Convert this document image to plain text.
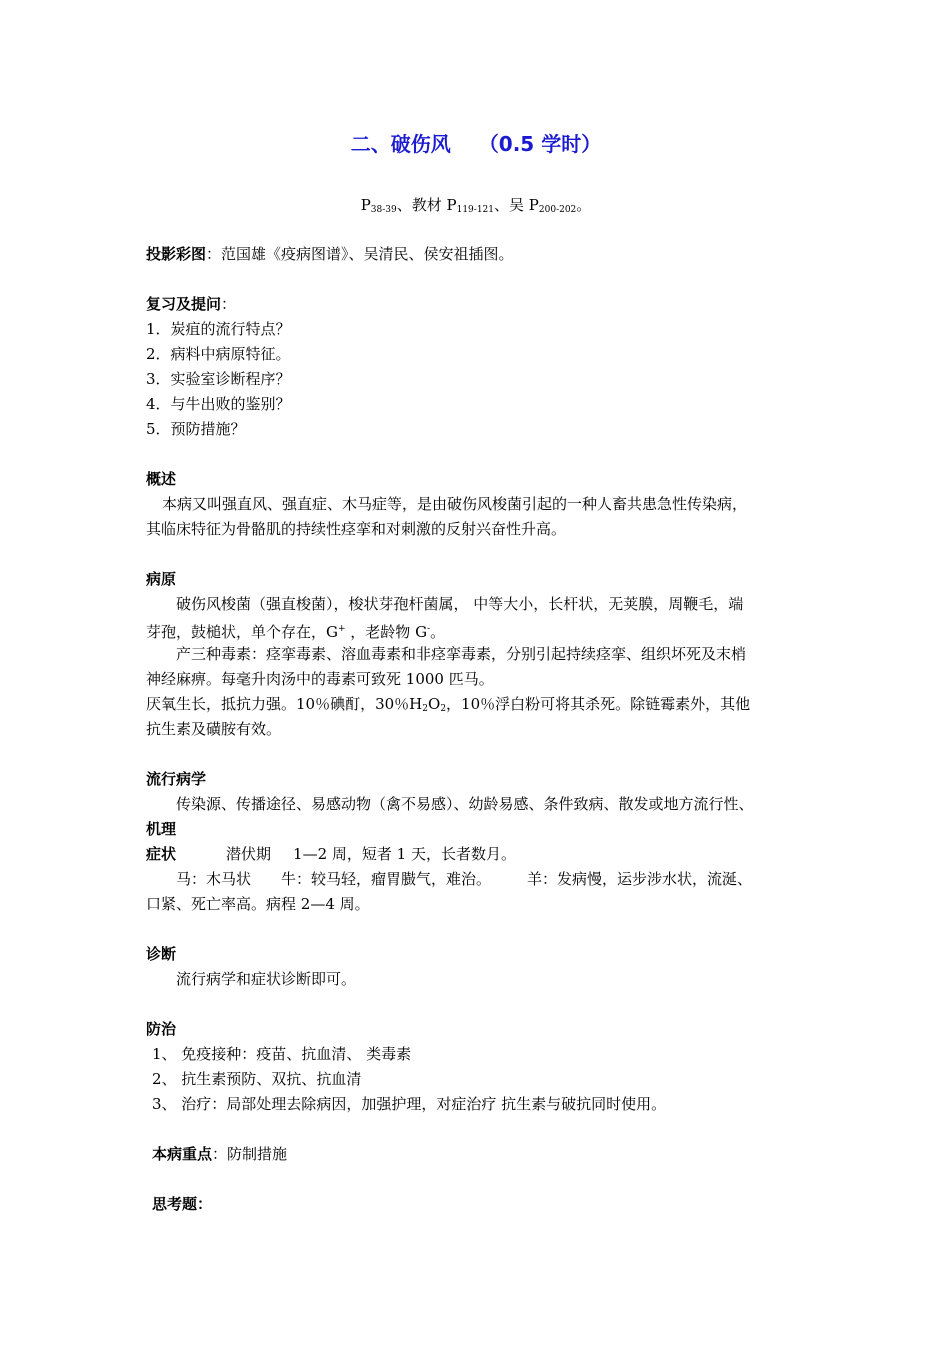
二、破伤风 （0.5 学时）
$P_{38-39}$、教材 $P_{119-121}$、吴 $P_{200-202}$。
投影彩图：范国雄《疫病图谱》、吴清民、侯安祖插图。
复习及提问：
1．炭疽的流行特点？
2．病料中病原特征。
3．实验室诊断程序？
4．与牛出败的鉴别？
5．预防措施？
概述
本病又叫强直风、强直症、木马症等，是由破伤风梭菌引起的一种人畜共患急性传染病，
其临床特征为骨骼肌的持续性痉挛和对刺激的反射兴奋性升高。
病原
破伤风梭菌（强直梭菌），梭状芽孢杆菌属， 中等大小，长杆状，无荚膜，周鞭毛，端
芽孢，鼓槌状，单个存在，G+ ，老龄物 G-。
产三种毒素：痉挛毒素、溶血毒素和非痉挛毒素，分别引起持续痉挛、组织坏死及末梢
神经麻痹。每毫升肉汤中的毒素可致死 1000 匹马。
厌氧生长，抵抗力强。10％碘酊，30％$H_2O_2$，10％浮白粉可将其杀死。除链霉素外，其他
抗生素及磺胺有效。
流行病学
传染源、传播途径、易感动物（禽不易感）、幼龄易感、条件致病、散发或地方流行性、
机理
症状	潜伏期 1—2 周，短者 1 天，长者数月。
马：木马状 牛：较马轻，瘤胃臌气，难治。 羊：发病慢，运步涉水状，流涎、
口紧、死亡率高。病程 2—4 周。
诊断
流行病学和症状诊断即可。
防治
1、 免疫接种：疫苗、抗血清、 类毒素
2、 抗生素预防、双抗、抗血清
3、 治疗：局部处理去除病因，加强护理，对症治疗 抗生素与破抗同时使用。
本病重点：防制措施
思考题：
